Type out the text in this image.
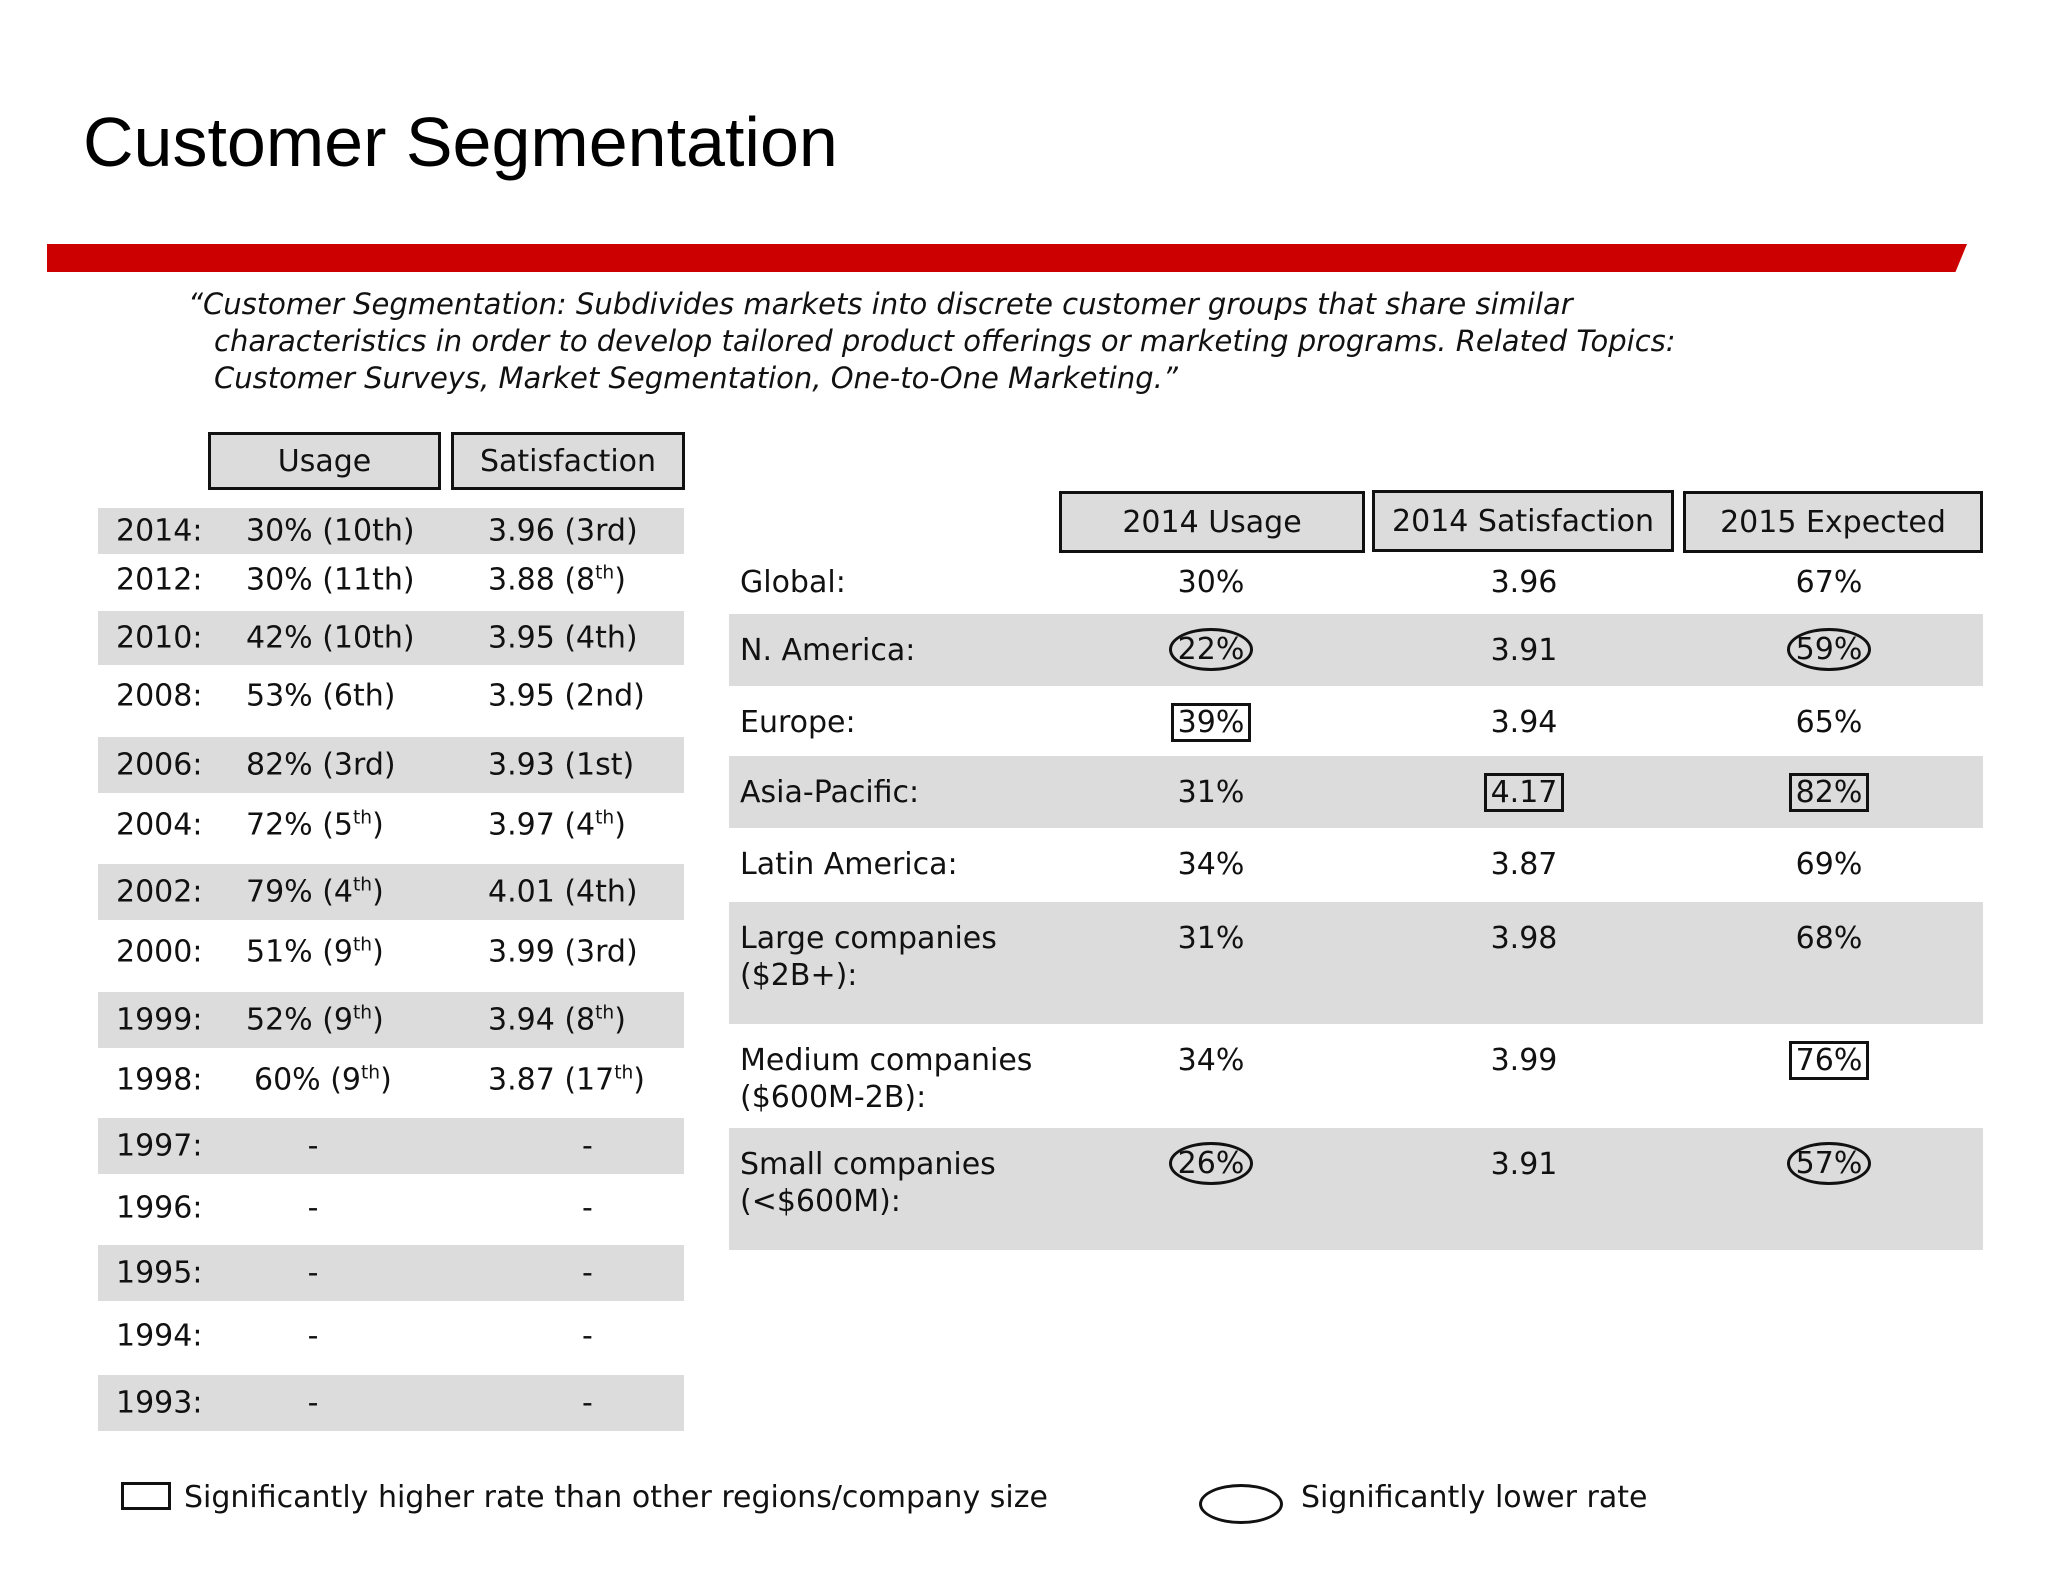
Customer Segmentation
“Customer Segmentation: Subdivides markets into discrete customer groups that share similar
characteristics in order to develop tailored product offerings or marketing programs. Related Topics:
Customer Surveys, Market Segmentation, One-to-One Marketing.”
Usage	Satisfaction
2014: 30% (10th)	3.96 (3rd)
2012: 30% (11th)	3.88 (8th)
2010: 42% (10th)	3.95 (4th)
2008: 53% (6th)	3.95 (2nd)
2006: 82% (3rd)	3.93 (1st)
2004: 72% (5th)	3.97 (4th)
2002: 79% (4th)	4.01 (4th)
2000: 51% (9th)	3.99 (3rd)
1999: 52% (9th)	3.94 (8th)
1998: 60% (9th)	3.87 (17th)
1997:	-	-
1996:	-	-
1995:	-	-
1994:	-	-
1993:	-	-
2014 Usage	2014 Satisfaction	2015 Expected
Global:	30%	3.96	67%
N. America:	22%	3.91	59%
Europe:	39%	3.94	65%
Asia-Pacific:	31%	4.17	82%
Latin America:	34%	3.87	69%
Large companies
($2B+):
31%	3.98	68%
Medium companies
($600M-2B):
34%	3.99	76%
Small companies
(<$600M):
26%	3.91	57%
Significantly higher rate than other regions/company size	Significantly lower rate
